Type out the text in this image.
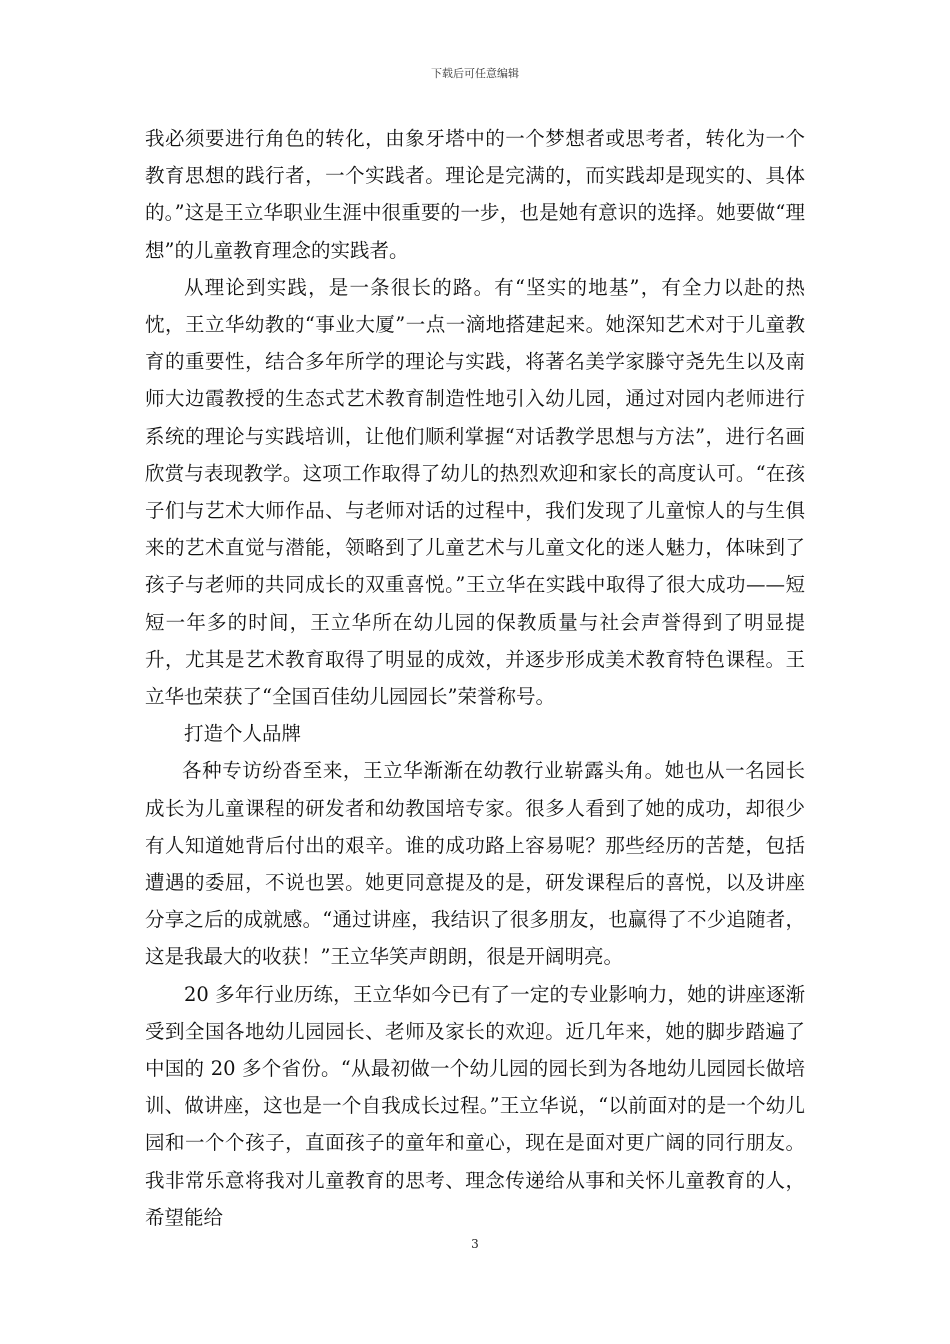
下载后可任意编辑

我必须要进行角色的转化，由象牙塔中的一个梦想者或思考者，转化为一个教育思想的践行者，一个实践者。理论是完满的，而实践却是现实的、具体的。”这是王立华职业生涯中很重要的一步，也是她有意识的选择。她要做“理想”的儿童教育理念的实践者。

从理论到实践，是一条很长的路。有“坚实的地基”，有全力以赴的热忱，王立华幼教的“事业大厦”一点一滴地搭建起来。她深知艺术对于儿童教育的重要性，结合多年所学的理论与实践，将著名美学家滕守尧先生以及南师大边霞教授的生态式艺术教育制造性地引入幼儿园，通过对园内老师进行系统的理论与实践培训，让他们顺利掌握“对话教学思想与方法”，进行名画欣赏与表现教学。这项工作取得了幼儿的热烈欢迎和家长的高度认可。“在孩子们与艺术大师作品、与老师对话的过程中，我们发现了儿童惊人的与生俱来的艺术直觉与潜能，领略到了儿童艺术与儿童文化的迷人魅力，体味到了孩子与老师的共同成长的双重喜悦。”王立华在实践中取得了很大成功——短短一年多的时间，王立华所在幼儿园的保教质量与社会声誉得到了明显提升，尤其是艺术教育取得了明显的成效，并逐步形成美术教育特色课程。王立华也荣获了“全国百佳幼儿园园长”荣誉称号。

打造个人品牌

各种专访纷沓至来，王立华渐渐在幼教行业崭露头角。她也从一名园长成长为儿童课程的研发者和幼教国培专家。很多人看到了她的成功，却很少有人知道她背后付出的艰辛。谁的成功路上容易呢？那些经历的苦楚，包括遭遇的委屈，不说也罢。她更同意提及的是，研发课程后的喜悦，以及讲座分享之后的成就感。“通过讲座，我结识了很多朋友，也赢得了不少追随者，这是我最大的收获！”王立华笑声朗朗，很是开阔明亮。

20 多年行业历练，王立华如今已有了一定的专业影响力，她的讲座逐渐受到全国各地幼儿园园长、老师及家长的欢迎。近几年来，她的脚步踏遍了中国的 20 多个省份。“从最初做一个幼儿园的园长到为各地幼儿园园长做培训、做讲座，这也是一个自我成长过程。”王立华说，“以前面对的是一个幼儿园和一个个孩子，直面孩子的童年和童心，现在是面对更广阔的同行朋友。我非常乐意将我对儿童教育的思考、理念传递给从事和关怀儿童教育的人，希望能给

3
